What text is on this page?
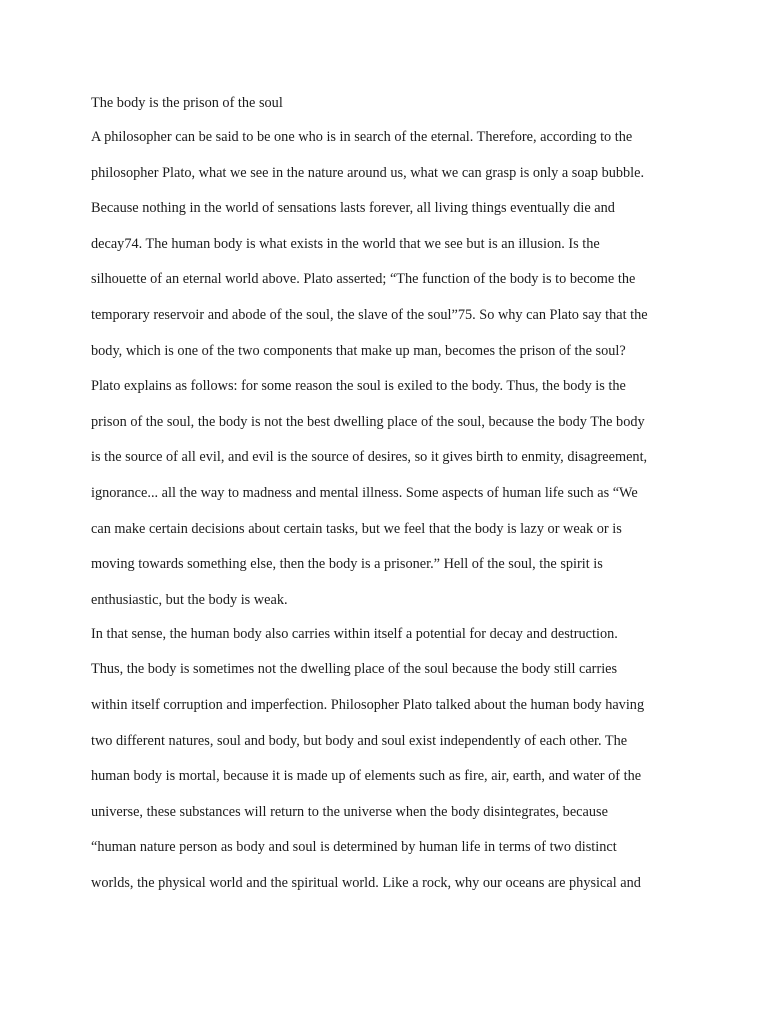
The body is the prison of the soul
A philosopher can be said to be one who is in search of the eternal. Therefore, according to the
philosopher Plato, what we see in the nature around us, what we can grasp is only a soap bubble.
Because nothing in the world of sensations lasts forever, all living things eventually die and
decay74. The human body is what exists in the world that we see but is an illusion. Is the
silhouette of an eternal world above. Plato asserted; “The function of the body is to become the
temporary reservoir and abode of the soul, the slave of the soul”75. So why can Plato say that the
body, which is one of the two components that make up man, becomes the prison of the soul?
Plato explains as follows: for some reason the soul is exiled to the body. Thus, the body is the
prison of the soul, the body is not the best dwelling place of the soul, because the body The body
is the source of all evil, and evil is the source of desires, so it gives birth to enmity, disagreement,
ignorance... all the way to madness and mental illness. Some aspects of human life such as “We
can make certain decisions about certain tasks, but we feel that the body is lazy or weak or is
moving towards something else, then the body is a prisoner.” Hell of the soul, the spirit is
enthusiastic, but the body is weak.
In that sense, the human body also carries within itself a potential for decay and destruction.
Thus, the body is sometimes not the dwelling place of the soul because the body still carries
within itself corruption and imperfection. Philosopher Plato talked about the human body having
two different natures, soul and body, but body and soul exist independently of each other. The
human body is mortal, because it is made up of elements such as fire, air, earth, and water of the
universe, these substances will return to the universe when the body disintegrates, because
“human nature person as body and soul is determined by human life in terms of two distinct
worlds, the physical world and the spiritual world. Like a rock, why our oceans are physical and
